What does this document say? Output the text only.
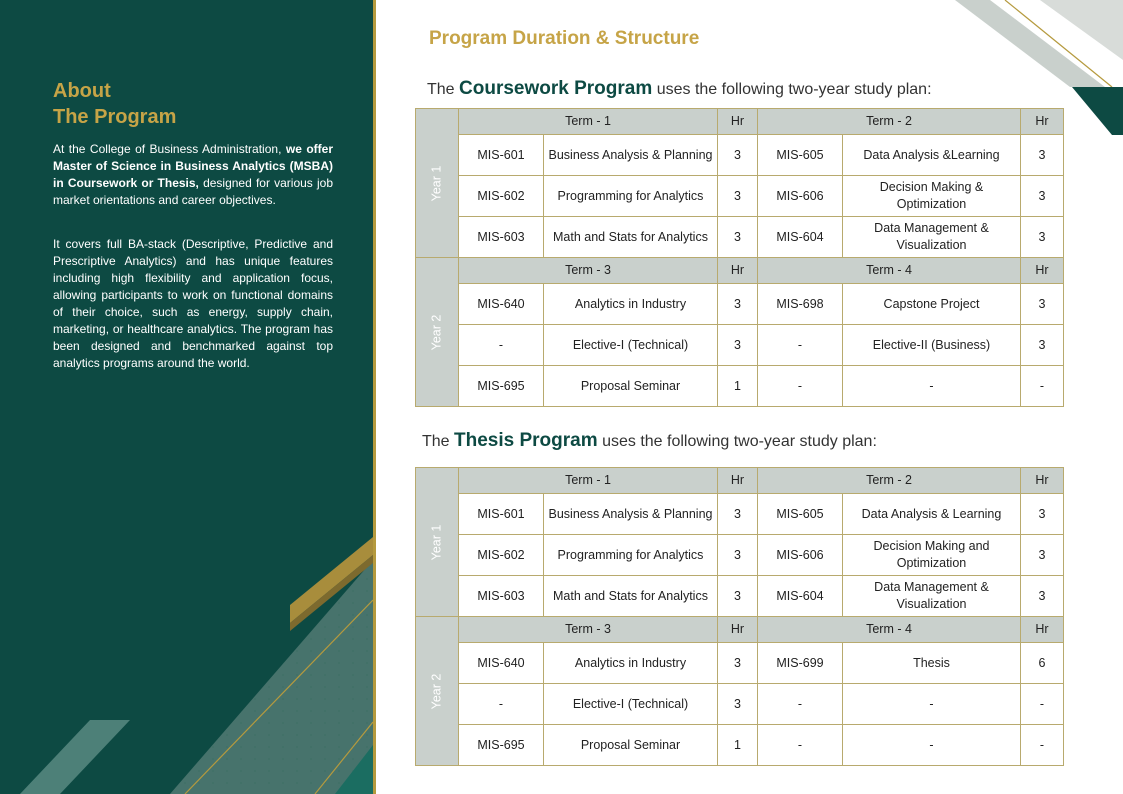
About
The Program

At the College of Business Administration, we offer Master of Science in Business Analytics (MSBA) in Coursework or Thesis, designed for various job market orientations and career objectives.

It covers full BA-stack (Descriptive, Predictive and Prescriptive Analytics) and has unique features including high flexibility and application focus, allowing participants to work on functional domains of their choice, such as energy, supply chain, marketing, or healthcare analytics. The program has been designed and benchmarked against top analytics programs around the world.

Program Duration & Structure

The Coursework Program uses the following two-year study plan:

Year 1	Term - 1		Hr	Term - 2		Hr
	MIS-601	Business Analysis & Planning	3	MIS-605	Data Analysis &Learning	3
	MIS-602	Programming for Analytics	3	MIS-606	Decision Making & Optimization	3
	MIS-603	Math and Stats for Analytics	3	MIS-604	Data Management & Visualization	3
Year 2	Term - 3		Hr	Term - 4		Hr
	MIS-640	Analytics in Industry	3	MIS-698	Capstone Project	3
	-	Elective-I (Technical)	3	-	Elective-II (Business)	3
	MIS-695	Proposal Seminar	1	-	-	-

The Thesis Program uses the following two-year study plan:

Year 1	Term - 1		Hr	Term - 2		Hr
	MIS-601	Business Analysis & Planning	3	MIS-605	Data Analysis & Learning	3
	MIS-602	Programming for Analytics	3	MIS-606	Decision Making and Optimization	3
	MIS-603	Math and Stats for Analytics	3	MIS-604	Data Management & Visualization	3
Year 2	Term - 3		Hr	Term - 4		Hr
	MIS-640	Analytics in Industry	3	MIS-699	Thesis	6
	-	Elective-I (Technical)	3	-	-	-
	MIS-695	Proposal Seminar	1	-	-	-
